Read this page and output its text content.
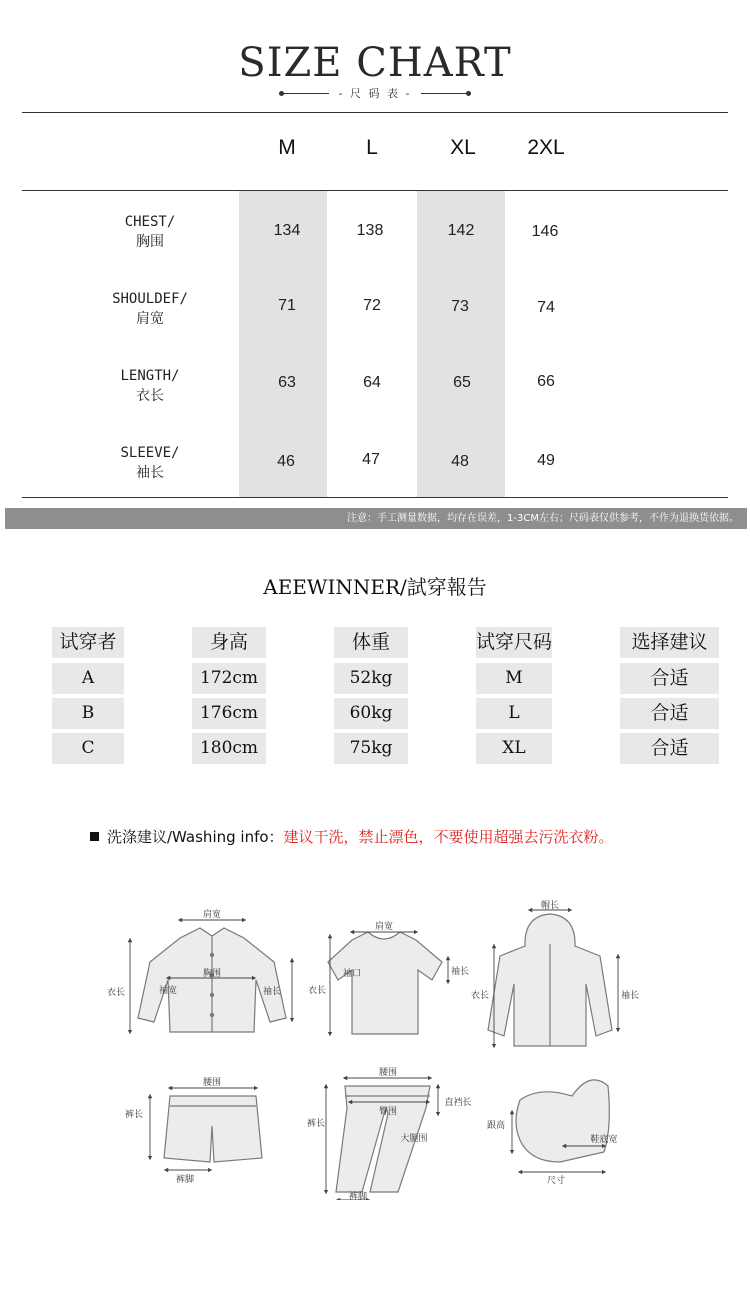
SIZE CHART
- 尺 码 表 -
M	L	XL	2XL
CHEST/
胸围
134	138	142	146
SHOULDEF/
肩宽
71	72	73	74
LENGTH/
衣长
63	64	65	66
SLEEVE/
袖长
46	47	48	49
注意：手工测量数据，均存在误差，1-3CM左右；尺码表仅供参考，不作为退换货依据。
AEEWINNER/試穿報告
试穿者	身高	体重	试穿尺码	选择建议
A	172cm	52kg	M	合适
B	176cm	60kg	L	合适
C	180cm	75kg	XL	合适
洗涤建议/Washing info：建议干洗，禁止漂色，不要使用超强去污洗衣粉。
肩宽
胸围
袖宽
衣长	袖长
肩宽
袖口
衣长
袖长
帽长
衣长	袖长
腰围
裤长
裤脚
腰围
臀围
直裆长
大腿围
裤长
裤脚
跟高
鞋底宽
尺寸
